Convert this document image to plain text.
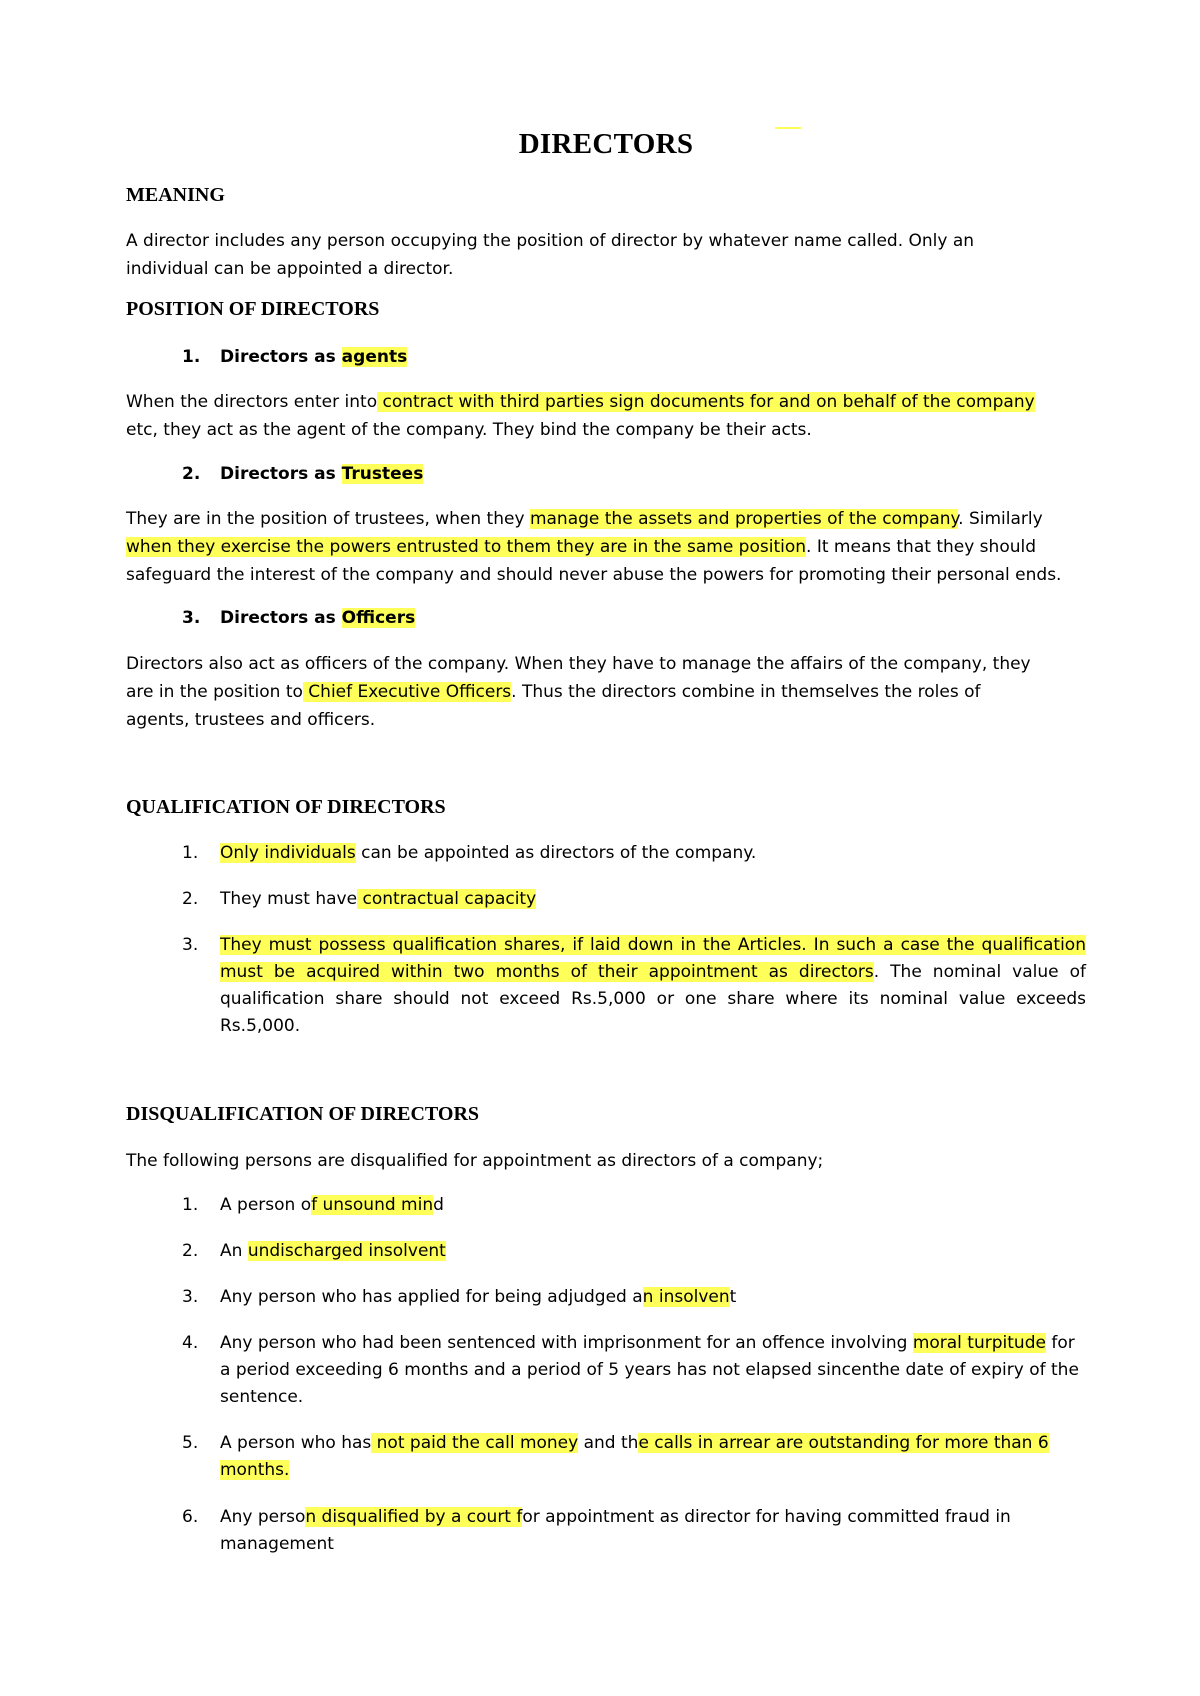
DIRECTORS
MEANING
A director includes any person occupying the position of director by whatever name called. Only an
individual can be appointed a director.
POSITION OF DIRECTORS
1. Directors as agents
When the directors enter into contract with third parties sign documents for and on behalf of the company
etc, they act as the agent of the company. They bind the company be their acts.
2. Directors as Trustees
They are in the position of trustees, when they manage the assets and properties of the company. Similarly
when they exercise the powers entrusted to them they are in the same position. It means that they should
safeguard the interest of the company and should never abuse the powers for promoting their personal ends.
3. Directors as Officers
Directors also act as officers of the company. When they have to manage the affairs of the company, they
are in the position to Chief Executive Officers. Thus the directors combine in themselves the roles of
agents, trustees and officers.
QUALIFICATION OF DIRECTORS
1.	Only individuals can be appointed as directors of the company.
2.	They must have contractual capacity
3.	They must possess qualification shares, if laid down in the Articles. In such a case the qualification must be acquired within two months of their appointment as directors. The nominal value of qualification share should not exceed Rs.5,000 or one share where its nominal value exceeds Rs.5,000.
DISQUALIFICATION OF DIRECTORS
The following persons are disqualified for appointment as directors of a company;
1.	A person of unsound mind
2.	An undischarged insolvent
3.	Any person who has applied for being adjudged an insolvent
4.	Any person who had been sentenced with imprisonment for an offence involving moral turpitude for a period exceeding 6 months and a period of 5 years has not elapsed sincenthe date of expiry of the sentence.
5.	A person who has not paid the call money and the calls in arrear are outstanding for more than 6 months.
6.	Any person disqualified by a court for appointment as director for having committed fraud in management
